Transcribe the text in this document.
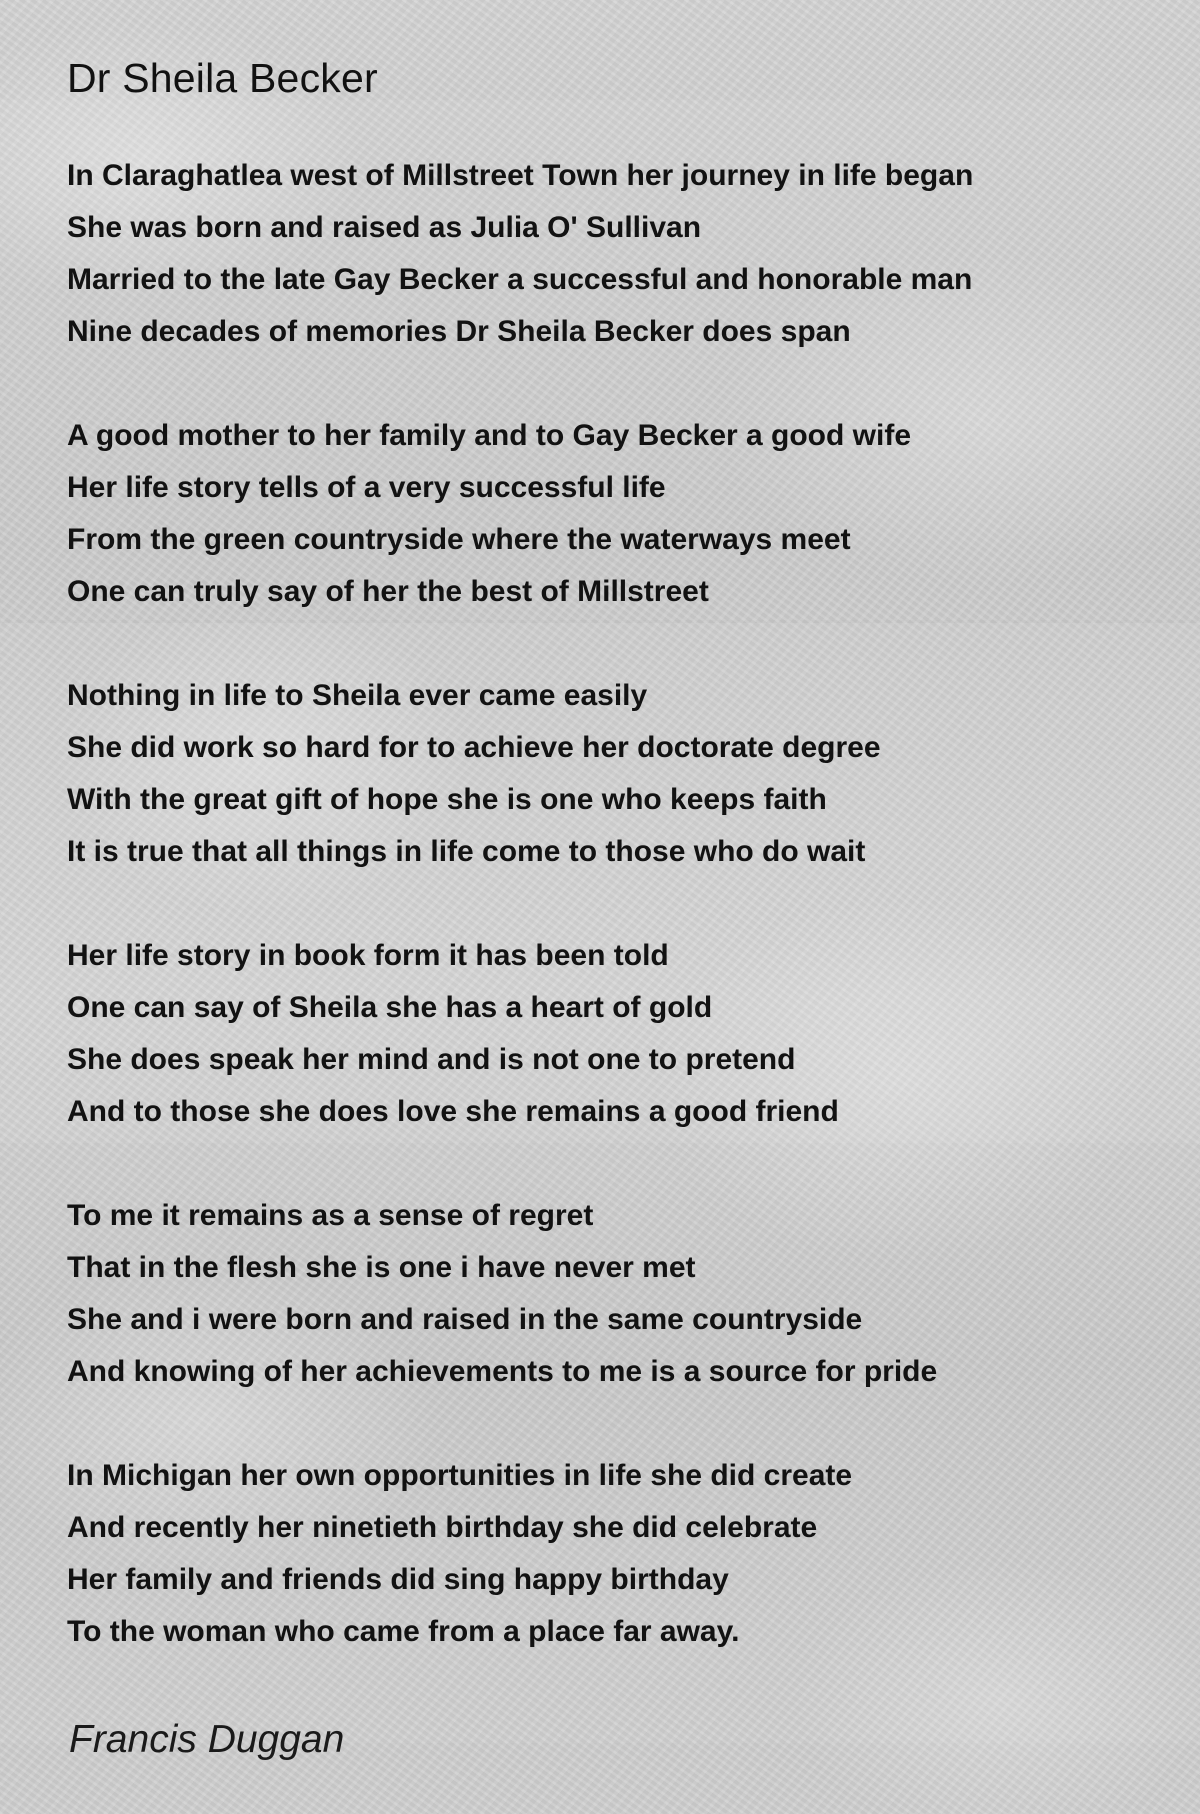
Dr Sheila Becker
In Claraghatlea west of Millstreet Town her journey in life began
She was born and raised as Julia O' Sullivan
Married to the late Gay Becker a successful and honorable man
Nine decades of memories Dr Sheila Becker does span
A good mother to her family and to Gay Becker a good wife
Her life story tells of a very successful life
From the green countryside where the waterways meet
One can truly say of her the best of Millstreet
Nothing in life to Sheila ever came easily
She did work so hard for to achieve her doctorate degree
With the great gift of hope she is one who keeps faith
It is true that all things in life come to those who do wait
Her life story in book form it has been told
One can say of Sheila she has a heart of gold
She does speak her mind and is not one to pretend
And to those she does love she remains a good friend
To me it remains as a sense of regret
That in the flesh she is one i have never met
She and i were born and raised in the same countryside
And knowing of her achievements to me is a source for pride
In Michigan her own opportunities in life she did create
And recently her ninetieth birthday she did celebrate
Her family and friends did sing happy birthday
To the woman who came from a place far away.
Francis Duggan
